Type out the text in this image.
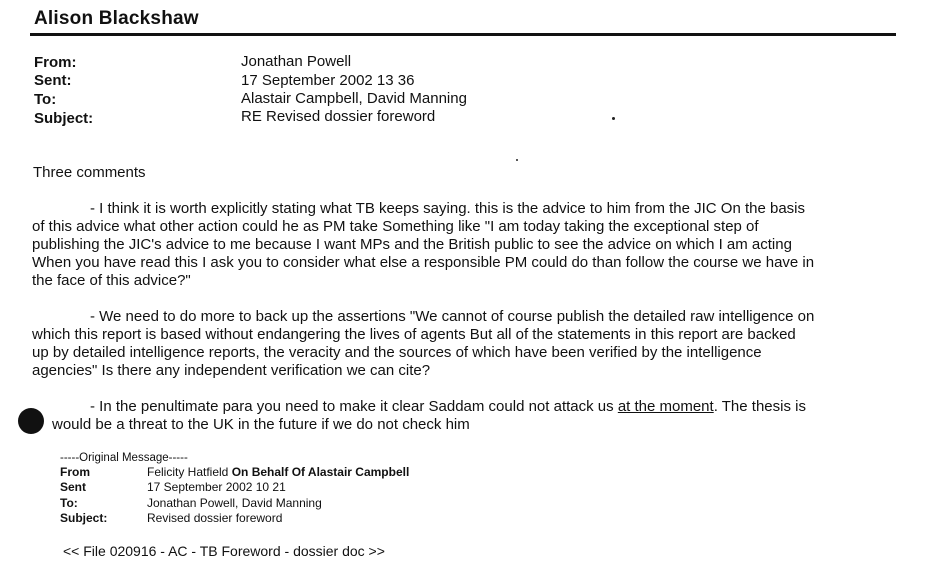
Alison Blackshaw
From:	Jonathan Powell
Sent:	17 September 2002 13 36
To:	Alastair Campbell, David Manning
Subject:	RE Revised dossier foreword
Three comments
- I think it is worth explicitly stating what TB keeps saying. this is the advice to him from the JIC On the basis
of this advice what other action could he as PM take Something like "I am today taking the exceptional step of
publishing the JIC's advice to me because I want MPs and the British public to see the advice on which I am acting
When you have read this I ask you to consider what else a responsible PM could do than follow the course we have in
the face of this advice?"
- We need to do more to back up the assertions "We cannot of course publish the detailed raw intelligence on
which this report is based without endangering the lives of agents But all of the statements in this report are backed
up by detailed intelligence reports, the veracity and the sources of which have been verified by the intelligence
agencies" Is there any independent verification we can cite?
- In the penultimate para you need to make it clear Saddam could not attack us at the moment. The thesis is
would be a threat to the UK in the future if we do not check him
-----Original Message-----
From	Felicity Hatfield On Behalf Of Alastair Campbell
Sent	17 September 2002 10 21
To:	Jonathan Powell, David Manning
Subject:	Revised dossier foreword
<< File 020916 - AC - TB Foreword - dossier doc >>
